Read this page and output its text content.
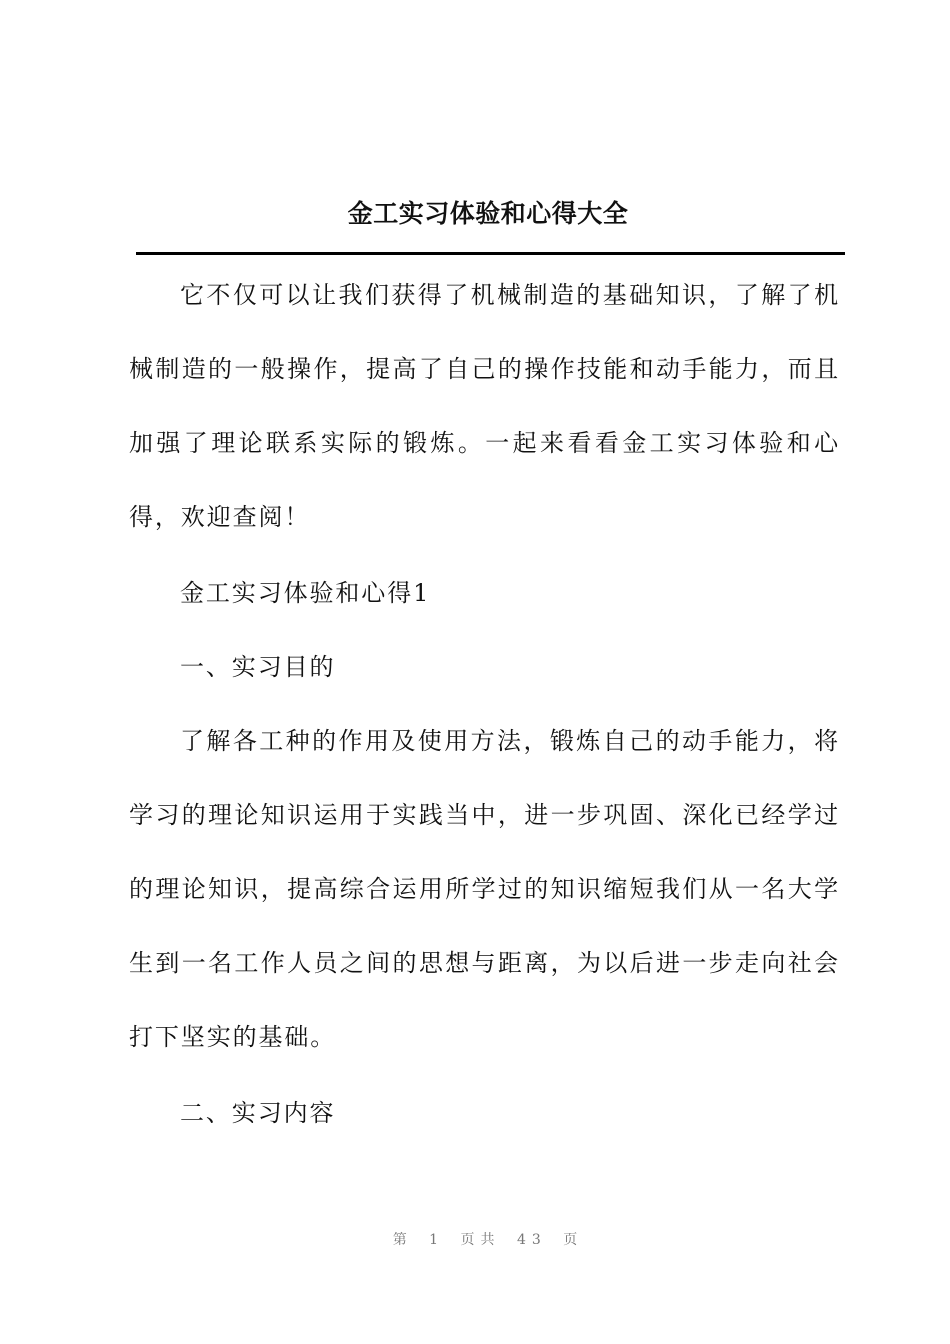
金工实习体验和心得大全

它不仅可以让我们获得了机械制造的基础知识，了解了机械制造的一般操作，提高了自己的操作技能和动手能力，而且加强了理论联系实际的锻炼。一起来看看金工实习体验和心得，欢迎查阅！

金工实习体验和心得1

一、实习目的

了解各工种的作用及使用方法，锻炼自己的动手能力，将学习的理论知识运用于实践当中，进一步巩固、深化已经学过的理论知识，提高综合运用所学过的知识缩短我们从一名大学生到一名工作人员之间的思想与距离，为以后进一步走向社会打下坚实的基础。

二、实习内容

第 1 页共 43 页
